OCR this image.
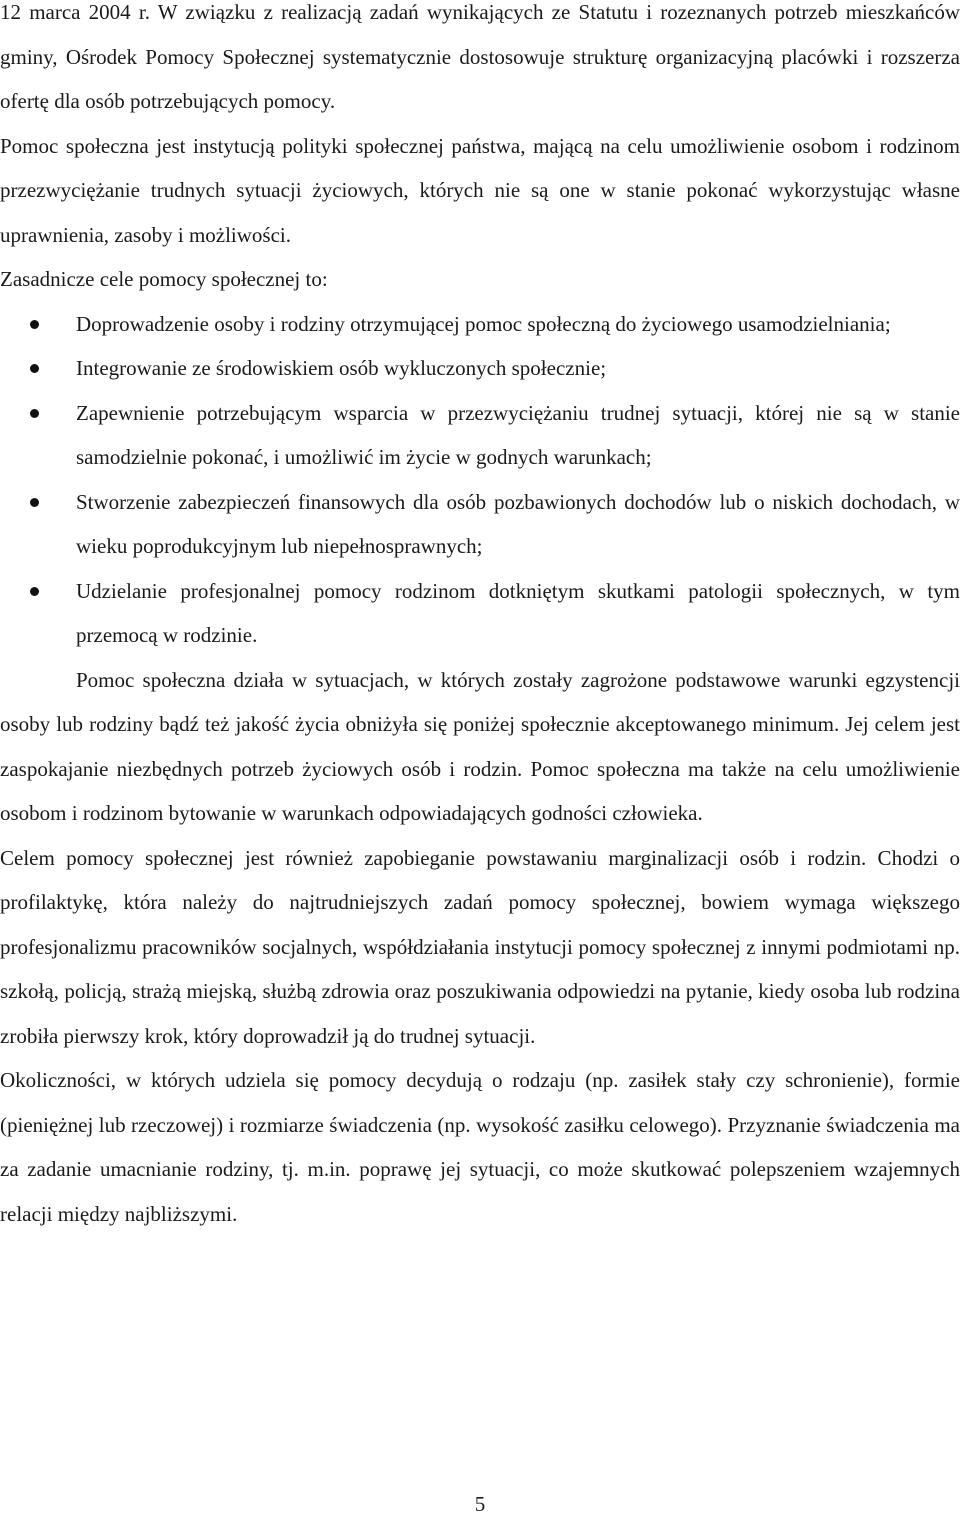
12 marca 2004 r. W związku z realizacją zadań wynikających ze Statutu i rozeznanych potrzeb mieszkańców gminy, Ośrodek Pomocy Społecznej systematycznie dostosowuje strukturę organizacyjną placówki i rozszerza ofertę dla osób potrzebujących pomocy.

Pomoc społeczna jest instytucją polityki społecznej państwa, mającą na celu umożliwienie osobom i rodzinom przezwyciężanie trudnych sytuacji życiowych, których nie są one w stanie pokonać wykorzystując własne uprawnienia, zasoby i możliwości.

Zasadnicze cele pomocy społecznej to:

Doprowadzenie osoby i rodziny otrzymującej pomoc społeczną do życiowego usamodzielniania;
Integrowanie ze środowiskiem osób wykluczonych społecznie;
Zapewnienie potrzebującym wsparcia w przezwyciężaniu trudnej sytuacji, której nie są w stanie samodzielnie pokonać, i umożliwić im życie w godnych warunkach;
Stworzenie zabezpieczeń finansowych dla osób pozbawionych dochodów lub o niskich dochodach, w wieku poprodukcyjnym lub niepełnosprawnych;
Udzielanie profesjonalnej pomocy rodzinom dotkniętym skutkami patologii społecznych, w tym przemocą w rodzinie.

Pomoc społeczna działa w sytuacjach, w których zostały zagrożone podstawowe warunki egzystencji osoby lub rodziny bądź też jakość życia obniżyła się poniżej społecznie akceptowanego minimum. Jej celem jest zaspokajanie niezbędnych potrzeb życiowych osób i rodzin. Pomoc społeczna ma także na celu umożliwienie osobom i rodzinom bytowanie w warunkach odpowiadających godności człowieka.

Celem pomocy społecznej jest również zapobieganie powstawaniu marginalizacji osób i rodzin. Chodzi o profilaktykę, która należy do najtrudniejszych zadań pomocy społecznej, bowiem wymaga większego profesjonalizmu pracowników socjalnych, współdziałania instytucji pomocy społecznej z innymi podmiotami np. szkołą, policją, strażą miejską, służbą zdrowia oraz poszukiwania odpowiedzi na pytanie, kiedy osoba lub rodzina zrobiła pierwszy krok, który doprowadził ją do trudnej sytuacji.

Okoliczności, w których udziela się pomocy decydują o rodzaju (np. zasiłek stały czy schronienie), formie (pieniężnej lub rzeczowej) i rozmiarze świadczenia (np. wysokość zasiłku celowego). Przyznanie świadczenia ma za zadanie umacnianie rodziny, tj. m.in. poprawę jej sytuacji, co może skutkować polepszeniem wzajemnych relacji między najbliższymi.

5
